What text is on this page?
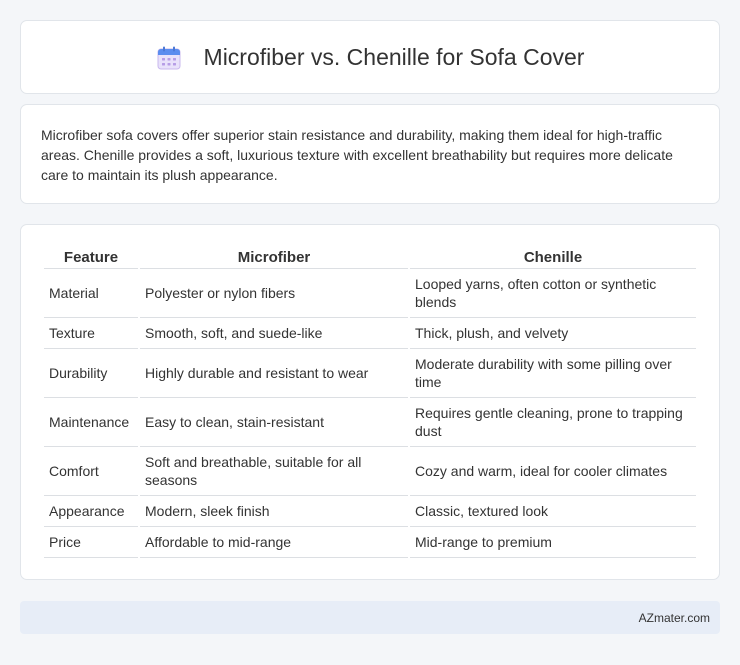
Microfiber vs. Chenille for Sofa Cover

Microfiber sofa covers offer superior stain resistance and durability, making them ideal for high-traffic areas. Chenille provides a soft, luxurious texture with excellent breathability but requires more delicate care to maintain its plush appearance.

Feature	Microfiber	Chenille
Material	Polyester or nylon fibers	Looped yarns, often cotton or synthetic blends
Texture	Smooth, soft, and suede-like	Thick, plush, and velvety
Durability	Highly durable and resistant to wear	Moderate durability with some pilling over time
Maintenance	Easy to clean, stain-resistant	Requires gentle cleaning, prone to trapping dust
Comfort	Soft and breathable, suitable for all seasons	Cozy and warm, ideal for cooler climates
Appearance	Modern, sleek finish	Classic, textured look
Price	Affordable to mid-range	Mid-range to premium
AZmater.com
